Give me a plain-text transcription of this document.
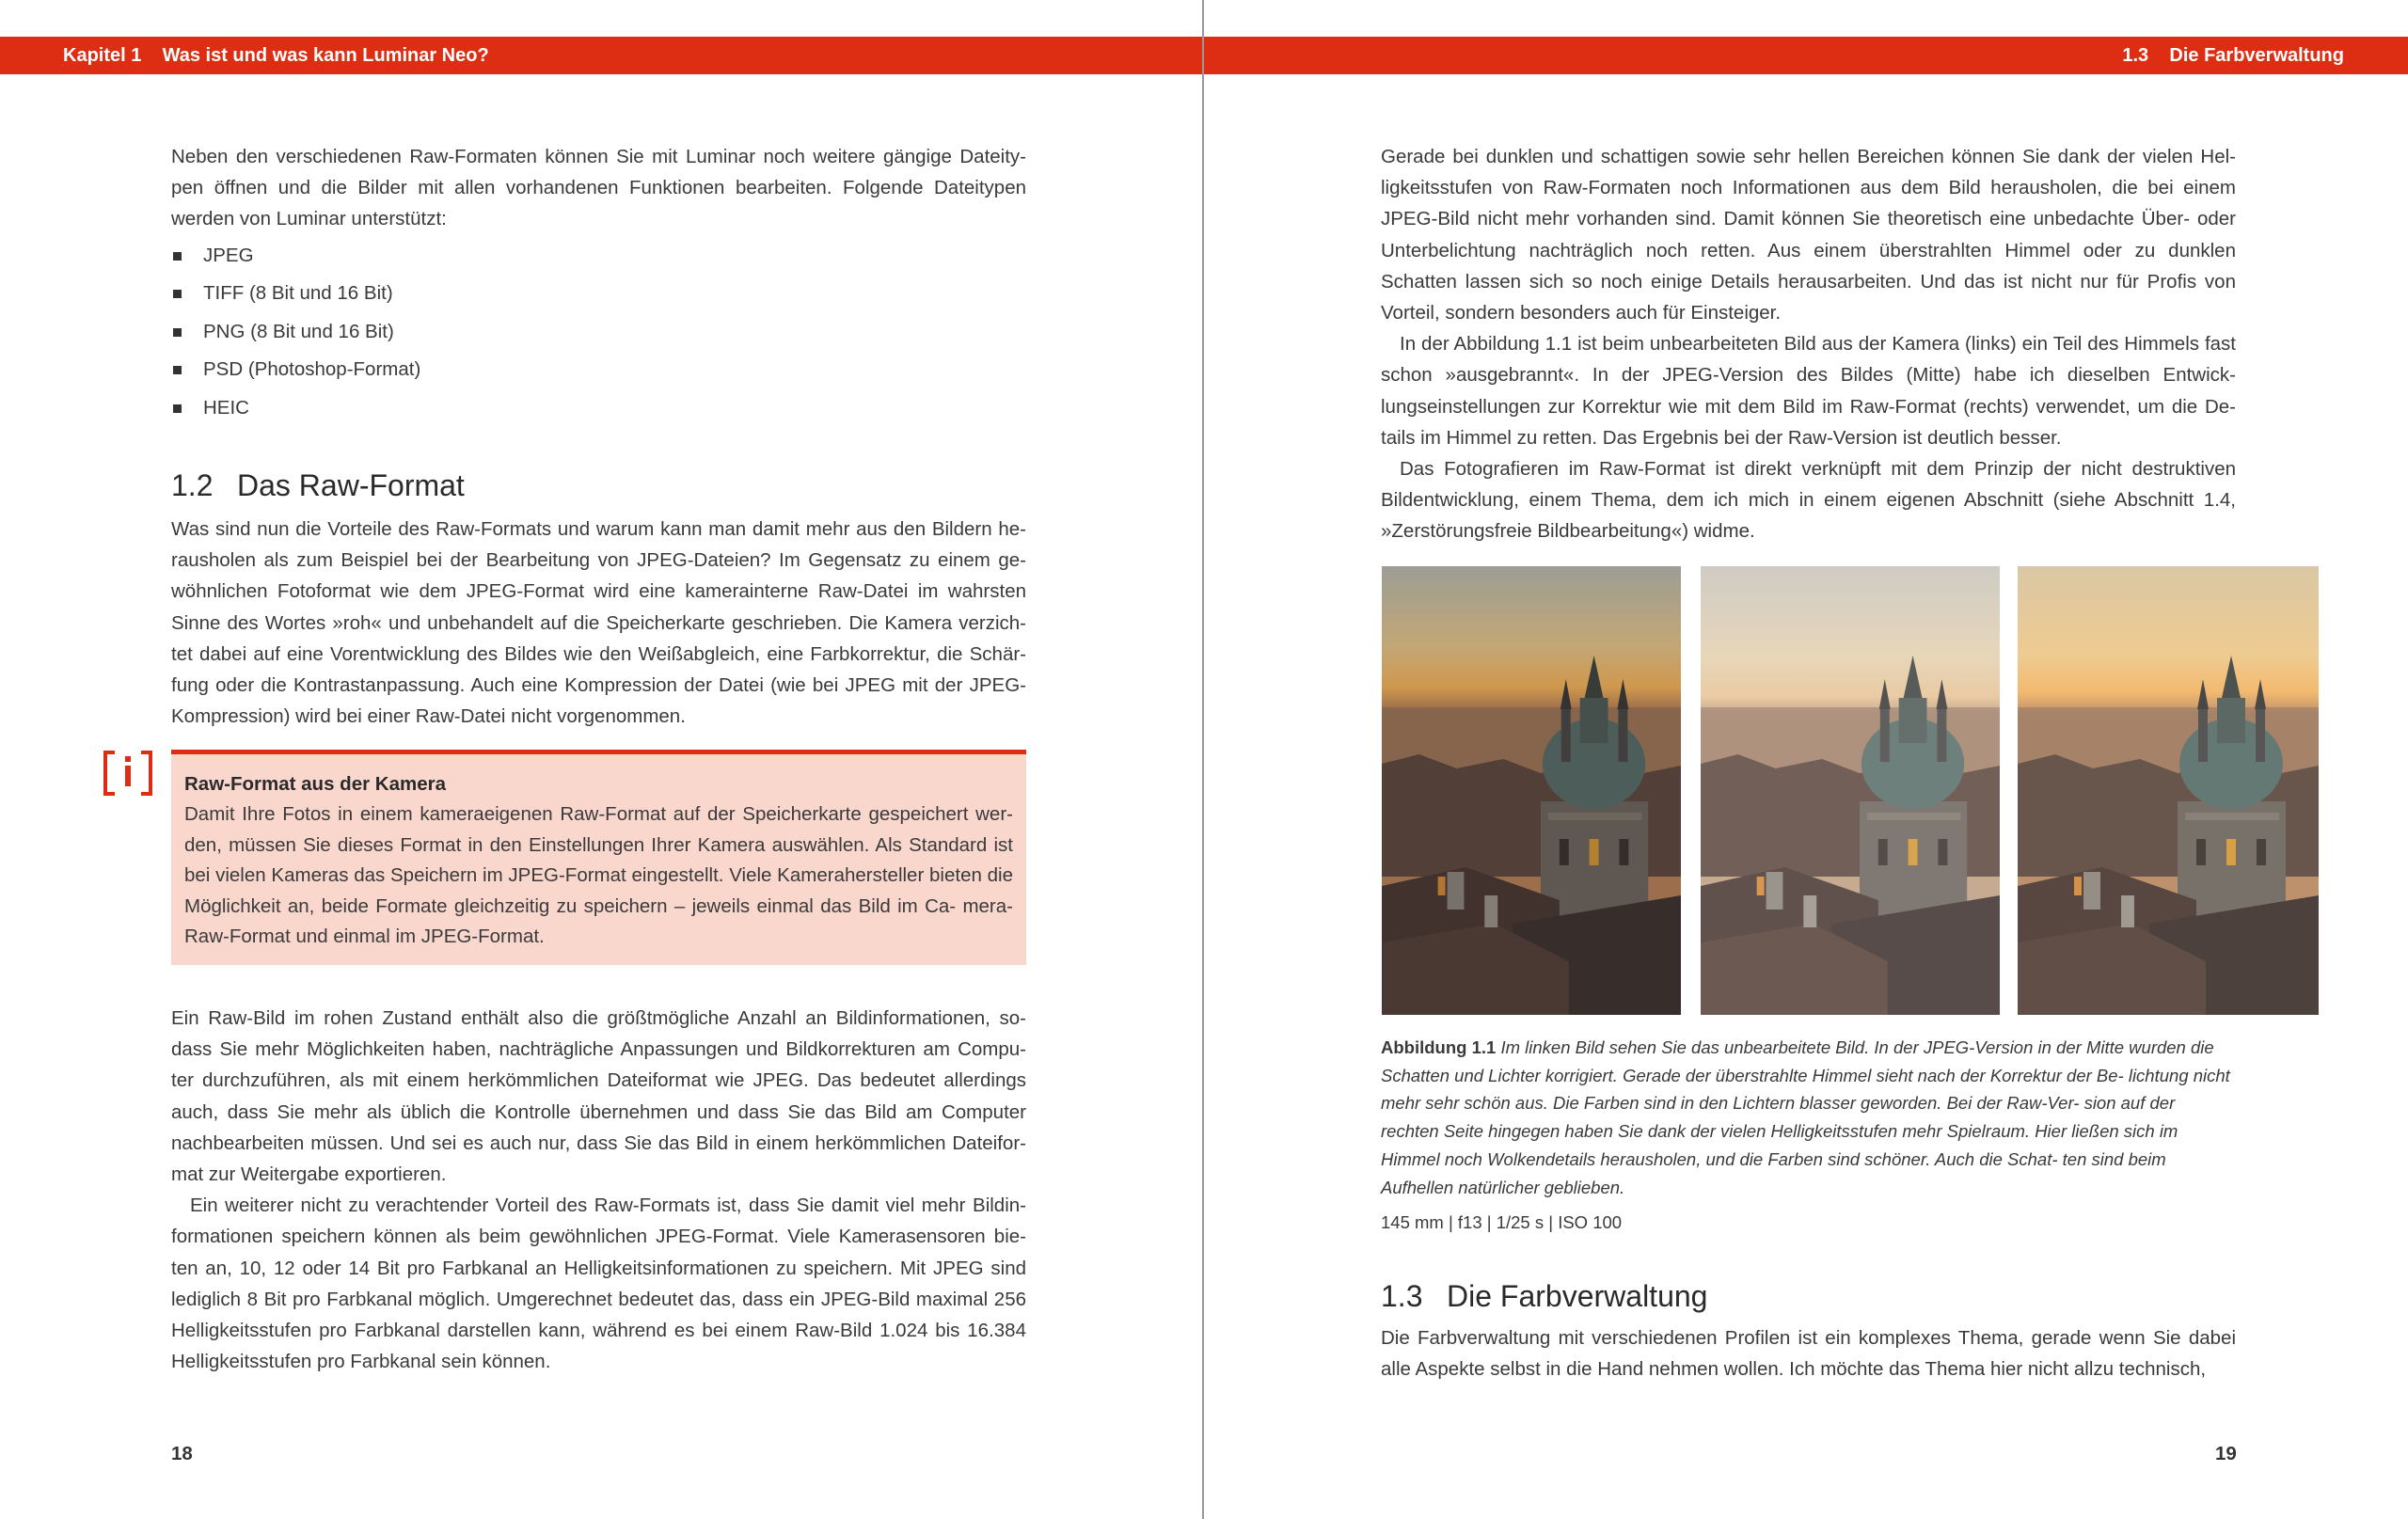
Kapitel 1 Was ist und was kann Luminar Neo?

Neben den verschiedenen Raw-Formaten können Sie mit Luminar noch weitere gängige Dateity- pen öffnen und die Bilder mit allen vorhandenen Funktionen bearbeiten. Folgende Dateitypen werden von Luminar unterstützt:

JPEG
TIFF (8 Bit und 16 Bit)
PNG (8 Bit und 16 Bit)
PSD (Photoshop-Format)
HEIC
1.2 Das Raw-Format

Was sind nun die Vorteile des Raw-Formats und warum kann man damit mehr aus den Bildern he- rausholen als zum Beispiel bei der Bearbeitung von JPEG-Dateien? Im Gegensatz zu einem ge- wöhnlichen Fotoformat wie dem JPEG-Format wird eine kamerainterne Raw-Datei im wahrsten Sinne des Wortes »roh« und unbehandelt auf die Speicherkarte geschrieben. Die Kamera verzich- tet dabei auf eine Vorentwicklung des Bildes wie den Weißabgleich, eine Farbkorrektur, die Schär- fung oder die Kontrastanpassung. Auch eine Kompression der Datei (wie bei JPEG mit der JPEG- Kompression) wird bei einer Raw-Datei nicht vorgenommen.

Raw-Format aus der Kamera

Damit Ihre Fotos in einem kameraeigenen Raw-Format auf der Speicherkarte gespeichert wer- den, müssen Sie dieses Format in den Einstellungen Ihrer Kamera auswählen. Als Standard ist bei vielen Kameras das Speichern im JPEG-Format eingestellt. Viele Kamerahersteller bieten die Möglichkeit an, beide Formate gleichzeitig zu speichern – jeweils einmal das Bild im Ca- mera-Raw-Format und einmal im JPEG-Format.

Ein Raw-Bild im rohen Zustand enthält also die größtmögliche Anzahl an Bildinformationen, so- dass Sie mehr Möglichkeiten haben, nachträgliche Anpassungen und Bildkorrekturen am Compu- ter durchzuführen, als mit einem herkömmlichen Dateiformat wie JPEG. Das bedeutet allerdings auch, dass Sie mehr als üblich die Kontrolle übernehmen und dass Sie das Bild am Computer nachbearbeiten müssen. Und sei es auch nur, dass Sie das Bild in einem herkömmlichen Dateifor- mat zur Weitergabe exportieren.

Ein weiterer nicht zu verachtender Vorteil des Raw-Formats ist, dass Sie damit viel mehr Bildin- formationen speichern können als beim gewöhnlichen JPEG-Format. Viele Kamerasensoren bie- ten an, 10, 12 oder 14 Bit pro Farbkanal an Helligkeitsinformationen zu speichern. Mit JPEG sind lediglich 8 Bit pro Farbkanal möglich. Umgerechnet bedeutet das, dass ein JPEG-Bild maximal 256 Helligkeitsstufen pro Farbkanal darstellen kann, während es bei einem Raw-Bild 1.024 bis 16.384 Helligkeitsstufen pro Farbkanal sein können.

18
1.3 Die Farbverwaltung

Gerade bei dunklen und schattigen sowie sehr hellen Bereichen können Sie dank der vielen Hel- ligkeitsstufen von Raw-Formaten noch Informationen aus dem Bild herausholen, die bei einem JPEG-Bild nicht mehr vorhanden sind. Damit können Sie theoretisch eine unbedachte Über- oder Unterbelichtung nachträglich noch retten. Aus einem überstrahlten Himmel oder zu dunklen Schatten lassen sich so noch einige Details herausarbeiten. Und das ist nicht nur für Profis von Vorteil, sondern besonders auch für Einsteiger.

In der Abbildung 1.1 ist beim unbearbeiteten Bild aus der Kamera (links) ein Teil des Himmels fast schon »ausgebrannt«. In der JPEG-Version des Bildes (Mitte) habe ich dieselben Entwick- lungseinstellungen zur Korrektur wie mit dem Bild im Raw-Format (rechts) verwendet, um die De- tails im Himmel zu retten. Das Ergebnis bei der Raw-Version ist deutlich besser.

Das Fotografieren im Raw-Format ist direkt verknüpft mit dem Prinzip der nicht destruktiven Bildentwicklung, einem Thema, dem ich mich in einem eigenen Abschnitt (siehe Abschnitt 1.4, »Zerstörungsfreie Bildbearbeitung«) widme.

Abbildung 1.1 Im linken Bild sehen Sie das unbearbeitete Bild. In der JPEG-Version in der Mitte wurden die Schatten und Lichter korrigiert. Gerade der überstrahlte Himmel sieht nach der Korrektur der Be- lichtung nicht mehr sehr schön aus. Die Farben sind in den Lichtern blasser geworden. Bei der Raw-Ver- sion auf der rechten Seite hingegen haben Sie dank der vielen Helligkeitsstufen mehr Spielraum. Hier ließen sich im Himmel noch Wolkendetails herausholen, und die Farben sind schöner. Auch die Schat- ten sind beim Aufhellen natürlicher geblieben.
145 mm | f13 | 1/25 s | ISO 100
1.3 Die Farbverwaltung

Die Farbverwaltung mit verschiedenen Profilen ist ein komplexes Thema, gerade wenn Sie dabei alle Aspekte selbst in die Hand nehmen wollen. Ich möchte das Thema hier nicht allzu technisch,

19
